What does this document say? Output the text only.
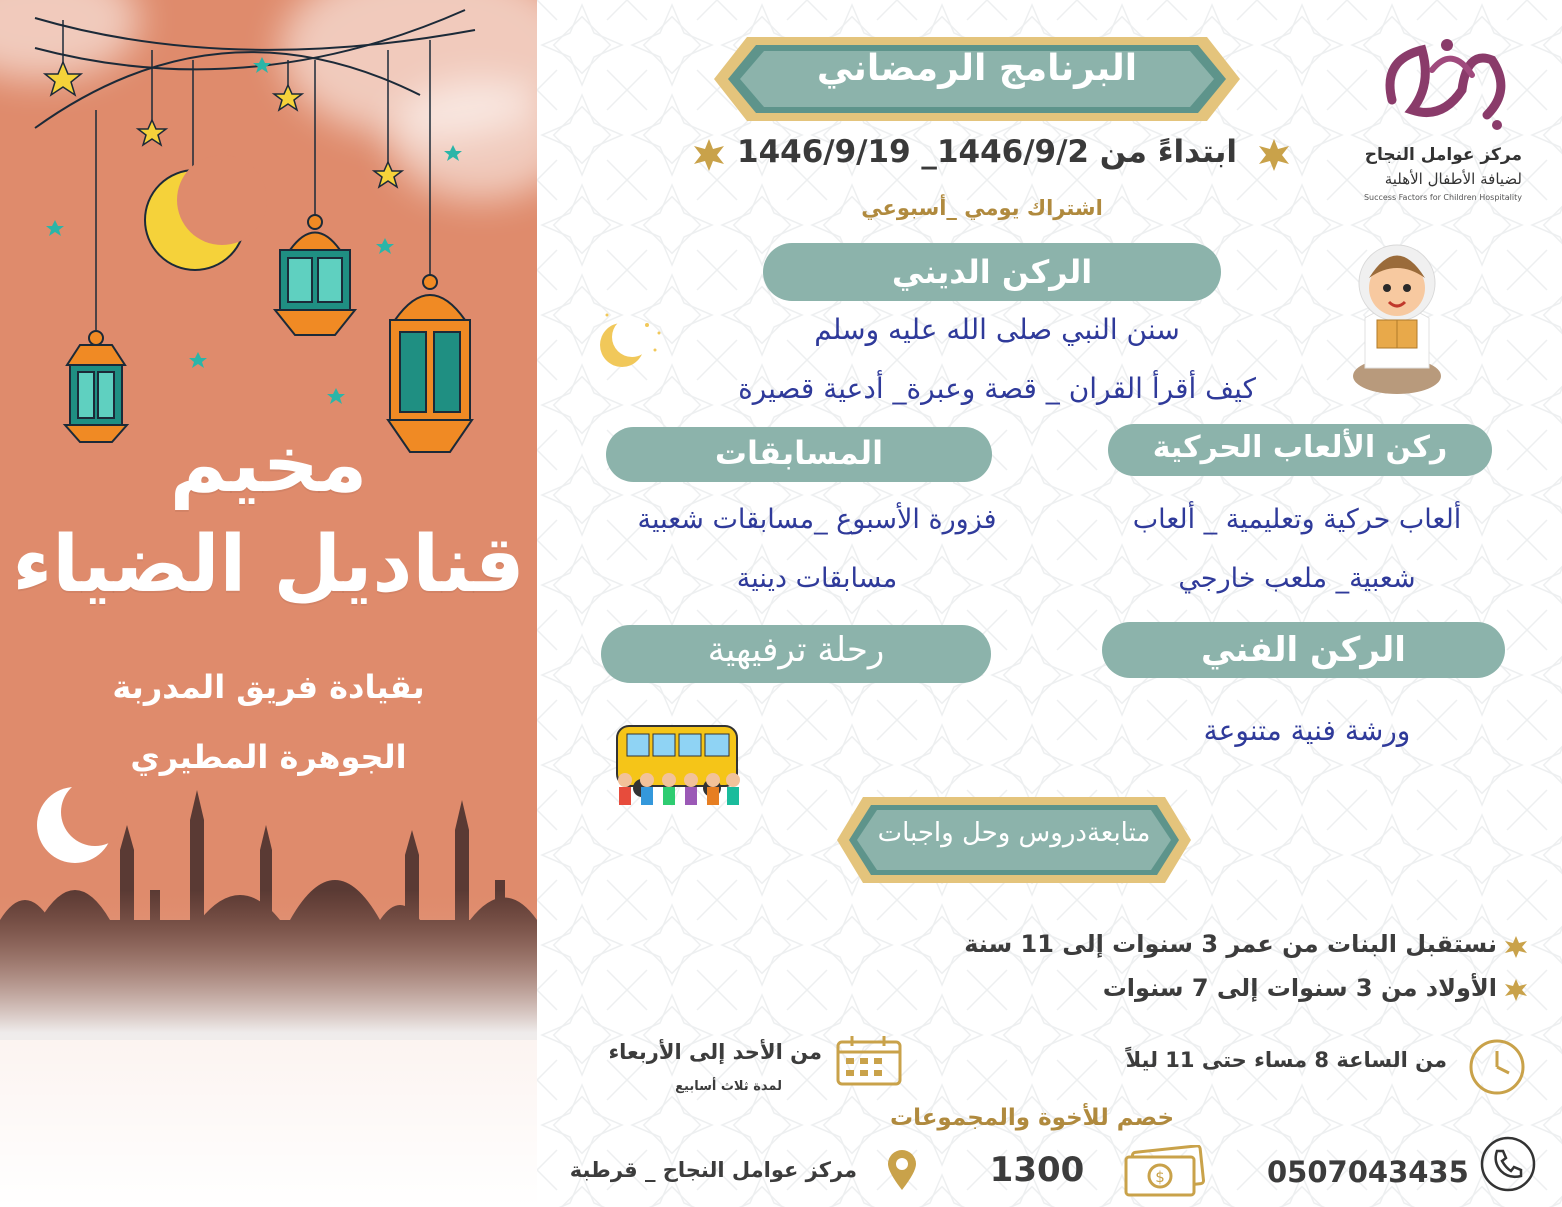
مخيم
قناديل الضياء
بقيادة فريق المدربة
الجوهرة المطيري
مركز عوامل النجاح
لضيافة الأطفال الأهلية
Success Factors for Children Hospitality
البرنامج الرمضاني
ابتداءً من 1446/9/2_ 1446/9/19
اشتراك يومي _أسبوعي
الركن الديني
سنن النبي صلى الله عليه وسلم
كيف أقرأ القران _ قصة وعبرة_ أدعية قصيرة
المسابقات
فزورة الأسبوع _مسابقات شعبية
مسابقات دينية
ركن الألعاب الحركية
ألعاب حركية وتعليمية _ ألعاب
شعبية_ ملعب خارجي
رحلة ترفيهية	الركن الفني
ورشة فنية متنوعة
متابعةدروس وحل واجبات
نستقبل البنات من عمر 3 سنوات إلى 11 سنة
الأولاد من 3 سنوات إلى 7 سنوات
من الأحد إلى الأربعاء
لمدة ثلاث أسابيع
من الساعة 8 مساء حتى 11 ليلاً
خصم للأخوة والمجموعات
مركز عوامل النجاح _ قرطبة	1300	$	0507043435
